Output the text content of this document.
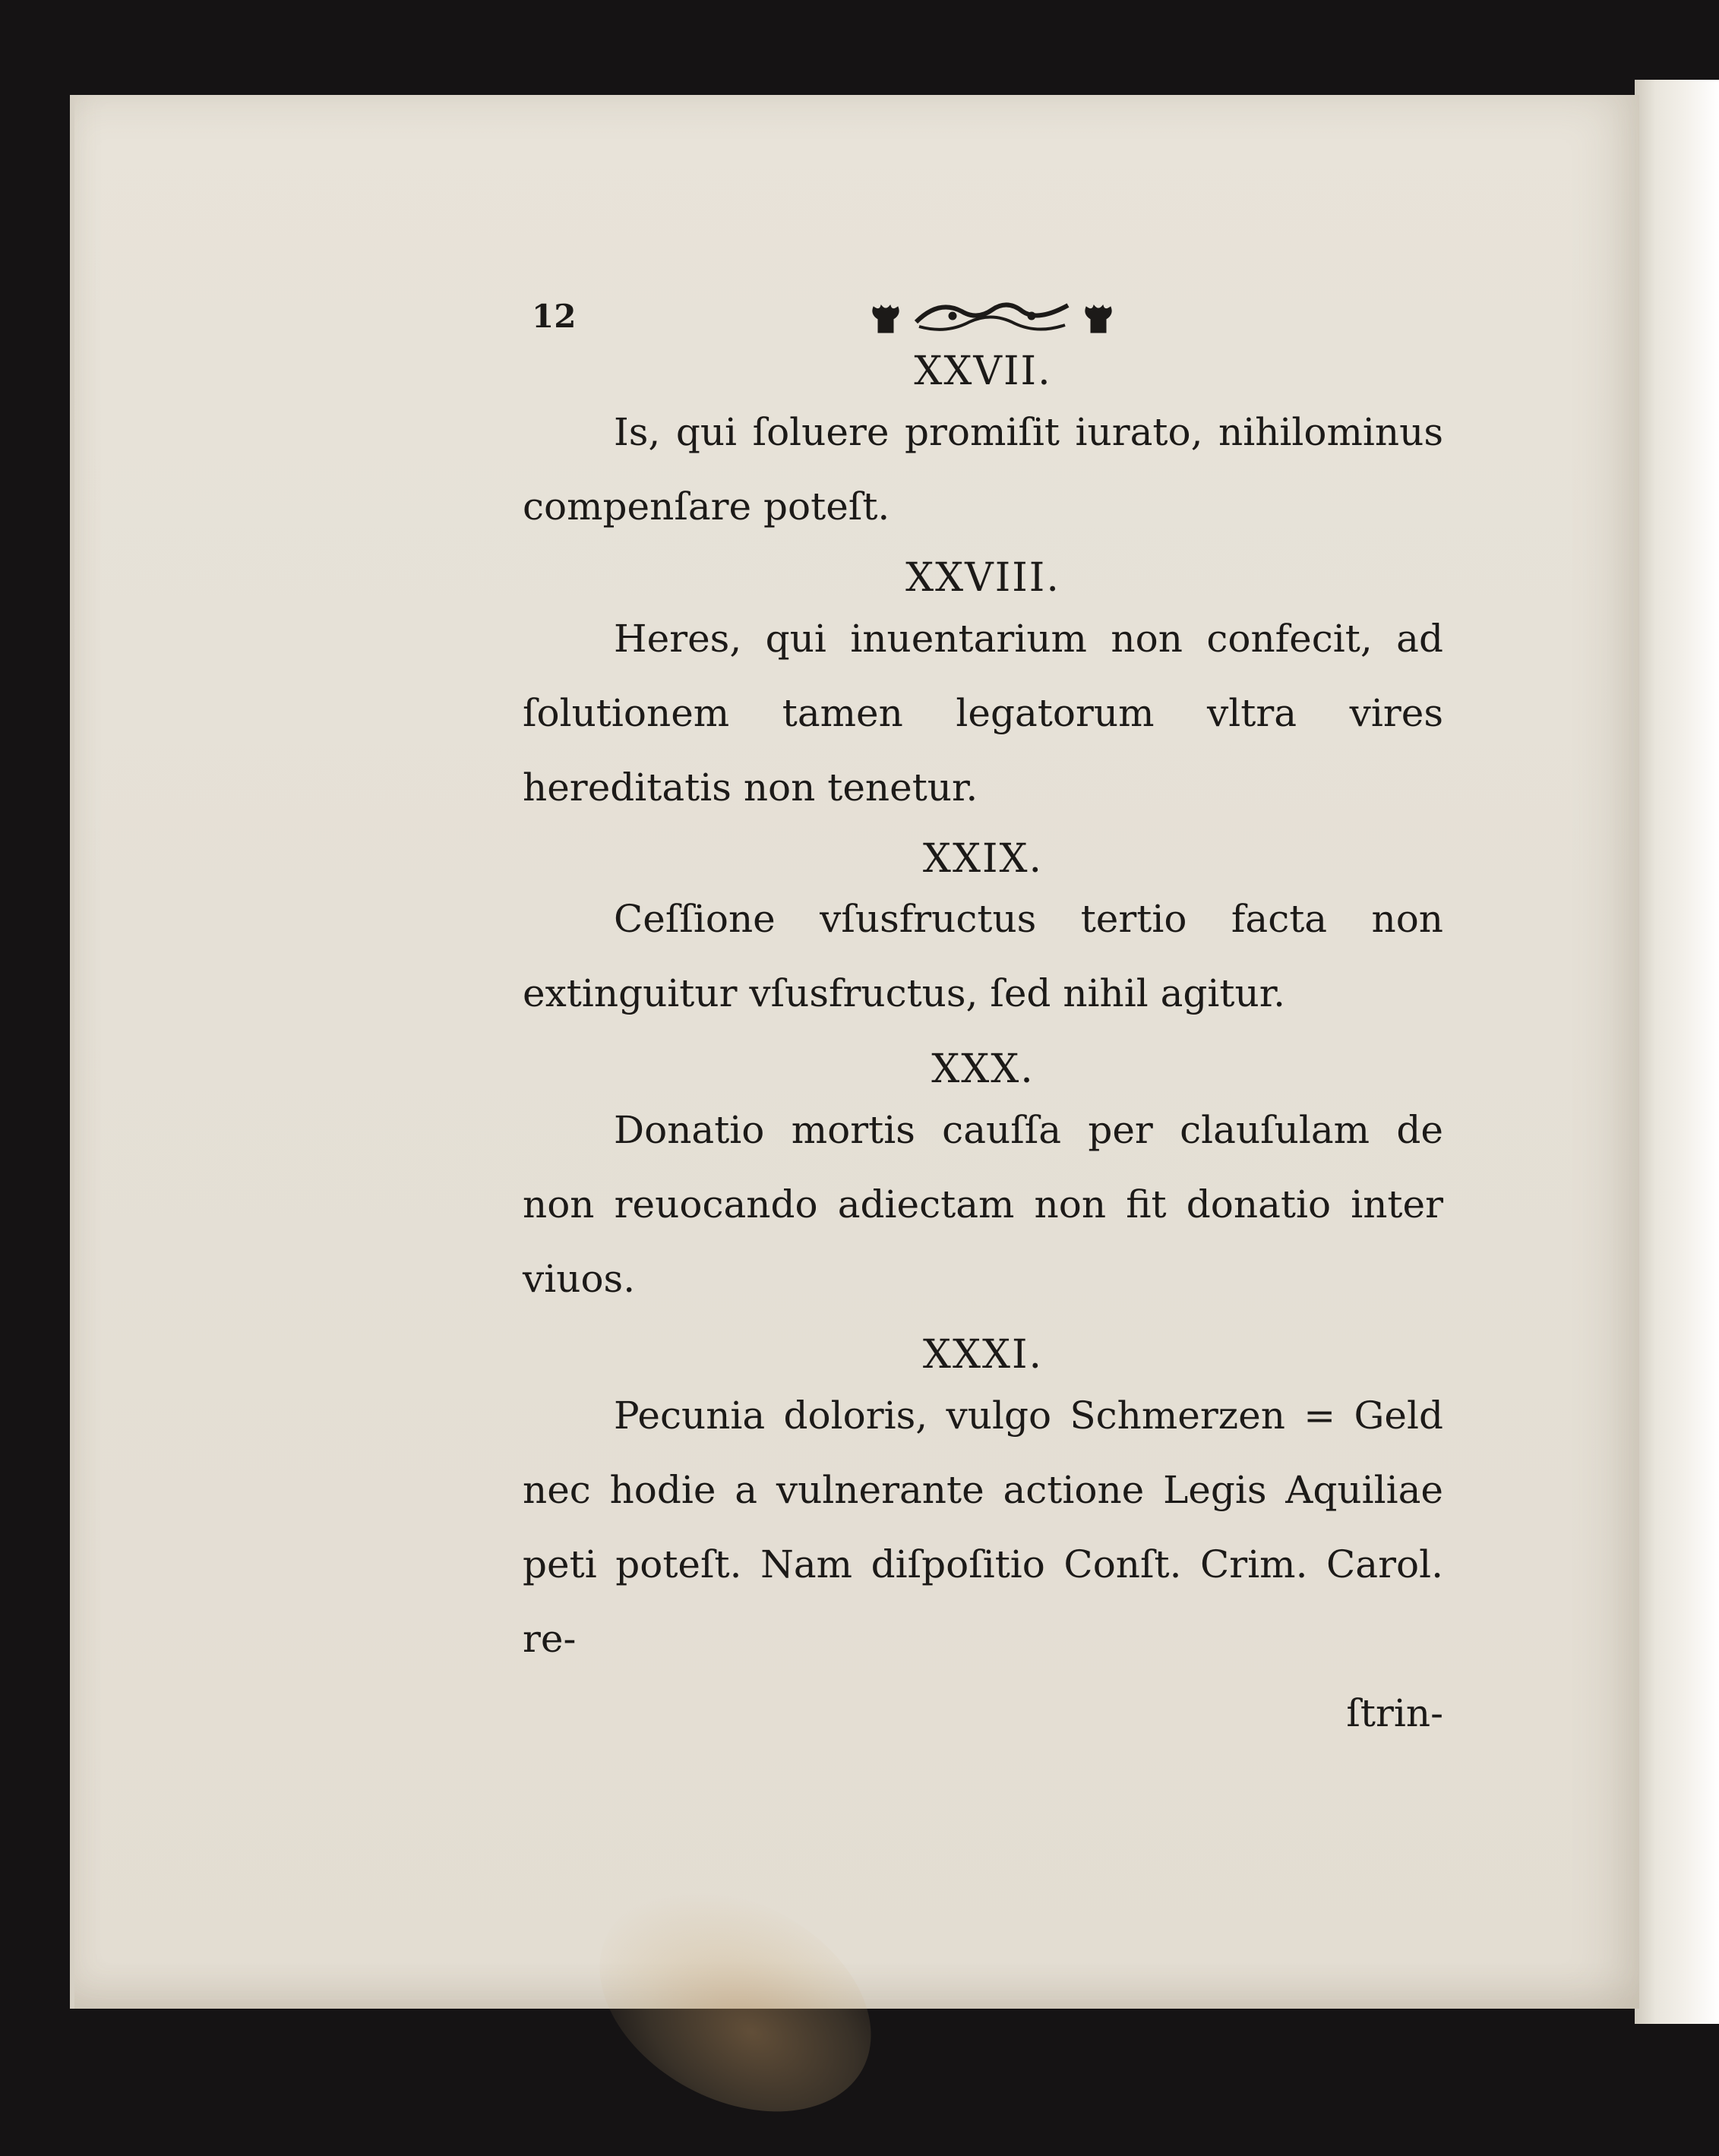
12

XXVII.

Is, qui ſoluere promiſit iurato, nihilominus compenſare poteſt.

XXVIII.

Heres, qui inuentarium non confecit, ad ſolutionem tamen legatorum vltra vires hereditatis non tenetur.

XXIX.

Ceſſione vſusfructus tertio facta non extinguitur vſusfructus, ſed nihil agitur.

XXX.

Donatio mortis cauſſa per clauſulam de non reuocando adiectam non fit donatio inter viuos.

XXXI.

Pecunia doloris, vulgo Schmerzen = Geld nec hodie a vulnerante actione Legis Aquiliae peti poteſt. Nam diſpoſitio Conſt. Crim. Carol. re-

ſtrin-
